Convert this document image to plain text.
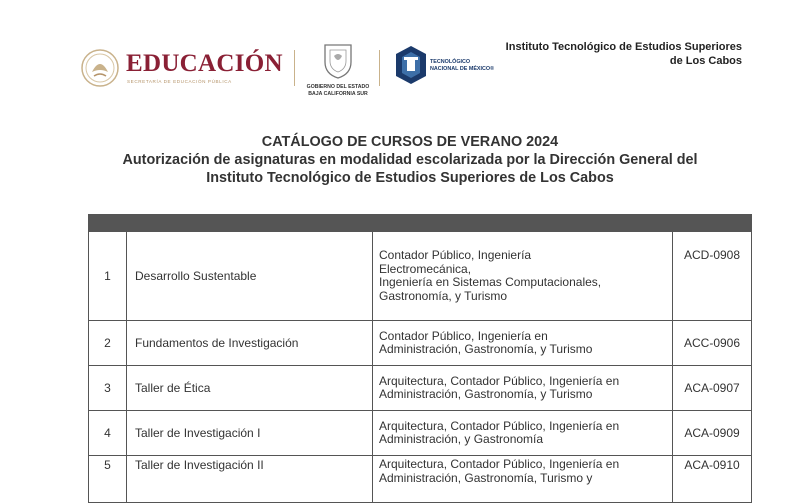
EDUCACIÓN
SECRETARÍA DE EDUCACIÓN PÚBLICA
GOBIERNO DEL ESTADO
BAJA CALIFORNIA SUR
TECNOLÓGICO
NACIONAL DE MÉXICO®
Instituto Tecnológico de Estudios Superiores
de Los Cabos
CATÁLOGO DE CURSOS DE VERANO 2024
Autorización de asignaturas en modalidad escolarizada por la Dirección General del
Instituto Tecnológico de Estudios Superiores de Los Cabos

1	Desarrollo Sustentable	Contador Público, Ingeniería
Electromecánica,
Ingeniería en Sistemas Computacionales,
Gastronomía, y Turismo	ACD-0908
2	Fundamentos de Investigación	Contador Público, Ingeniería en
Administración, Gastronomía, y Turismo	ACC-0906
3	Taller de Ética	Arquitectura, Contador Público, Ingeniería en
Administración, Gastronomía, y Turismo	ACA-0907
4	Taller de Investigación I	Arquitectura, Contador Público, Ingeniería en
Administración, y Gastronomía	ACA-0909
5	Taller de Investigación II	Arquitectura, Contador Público, Ingeniería en
Administración, Gastronomía, Turismo y	ACA-0910
